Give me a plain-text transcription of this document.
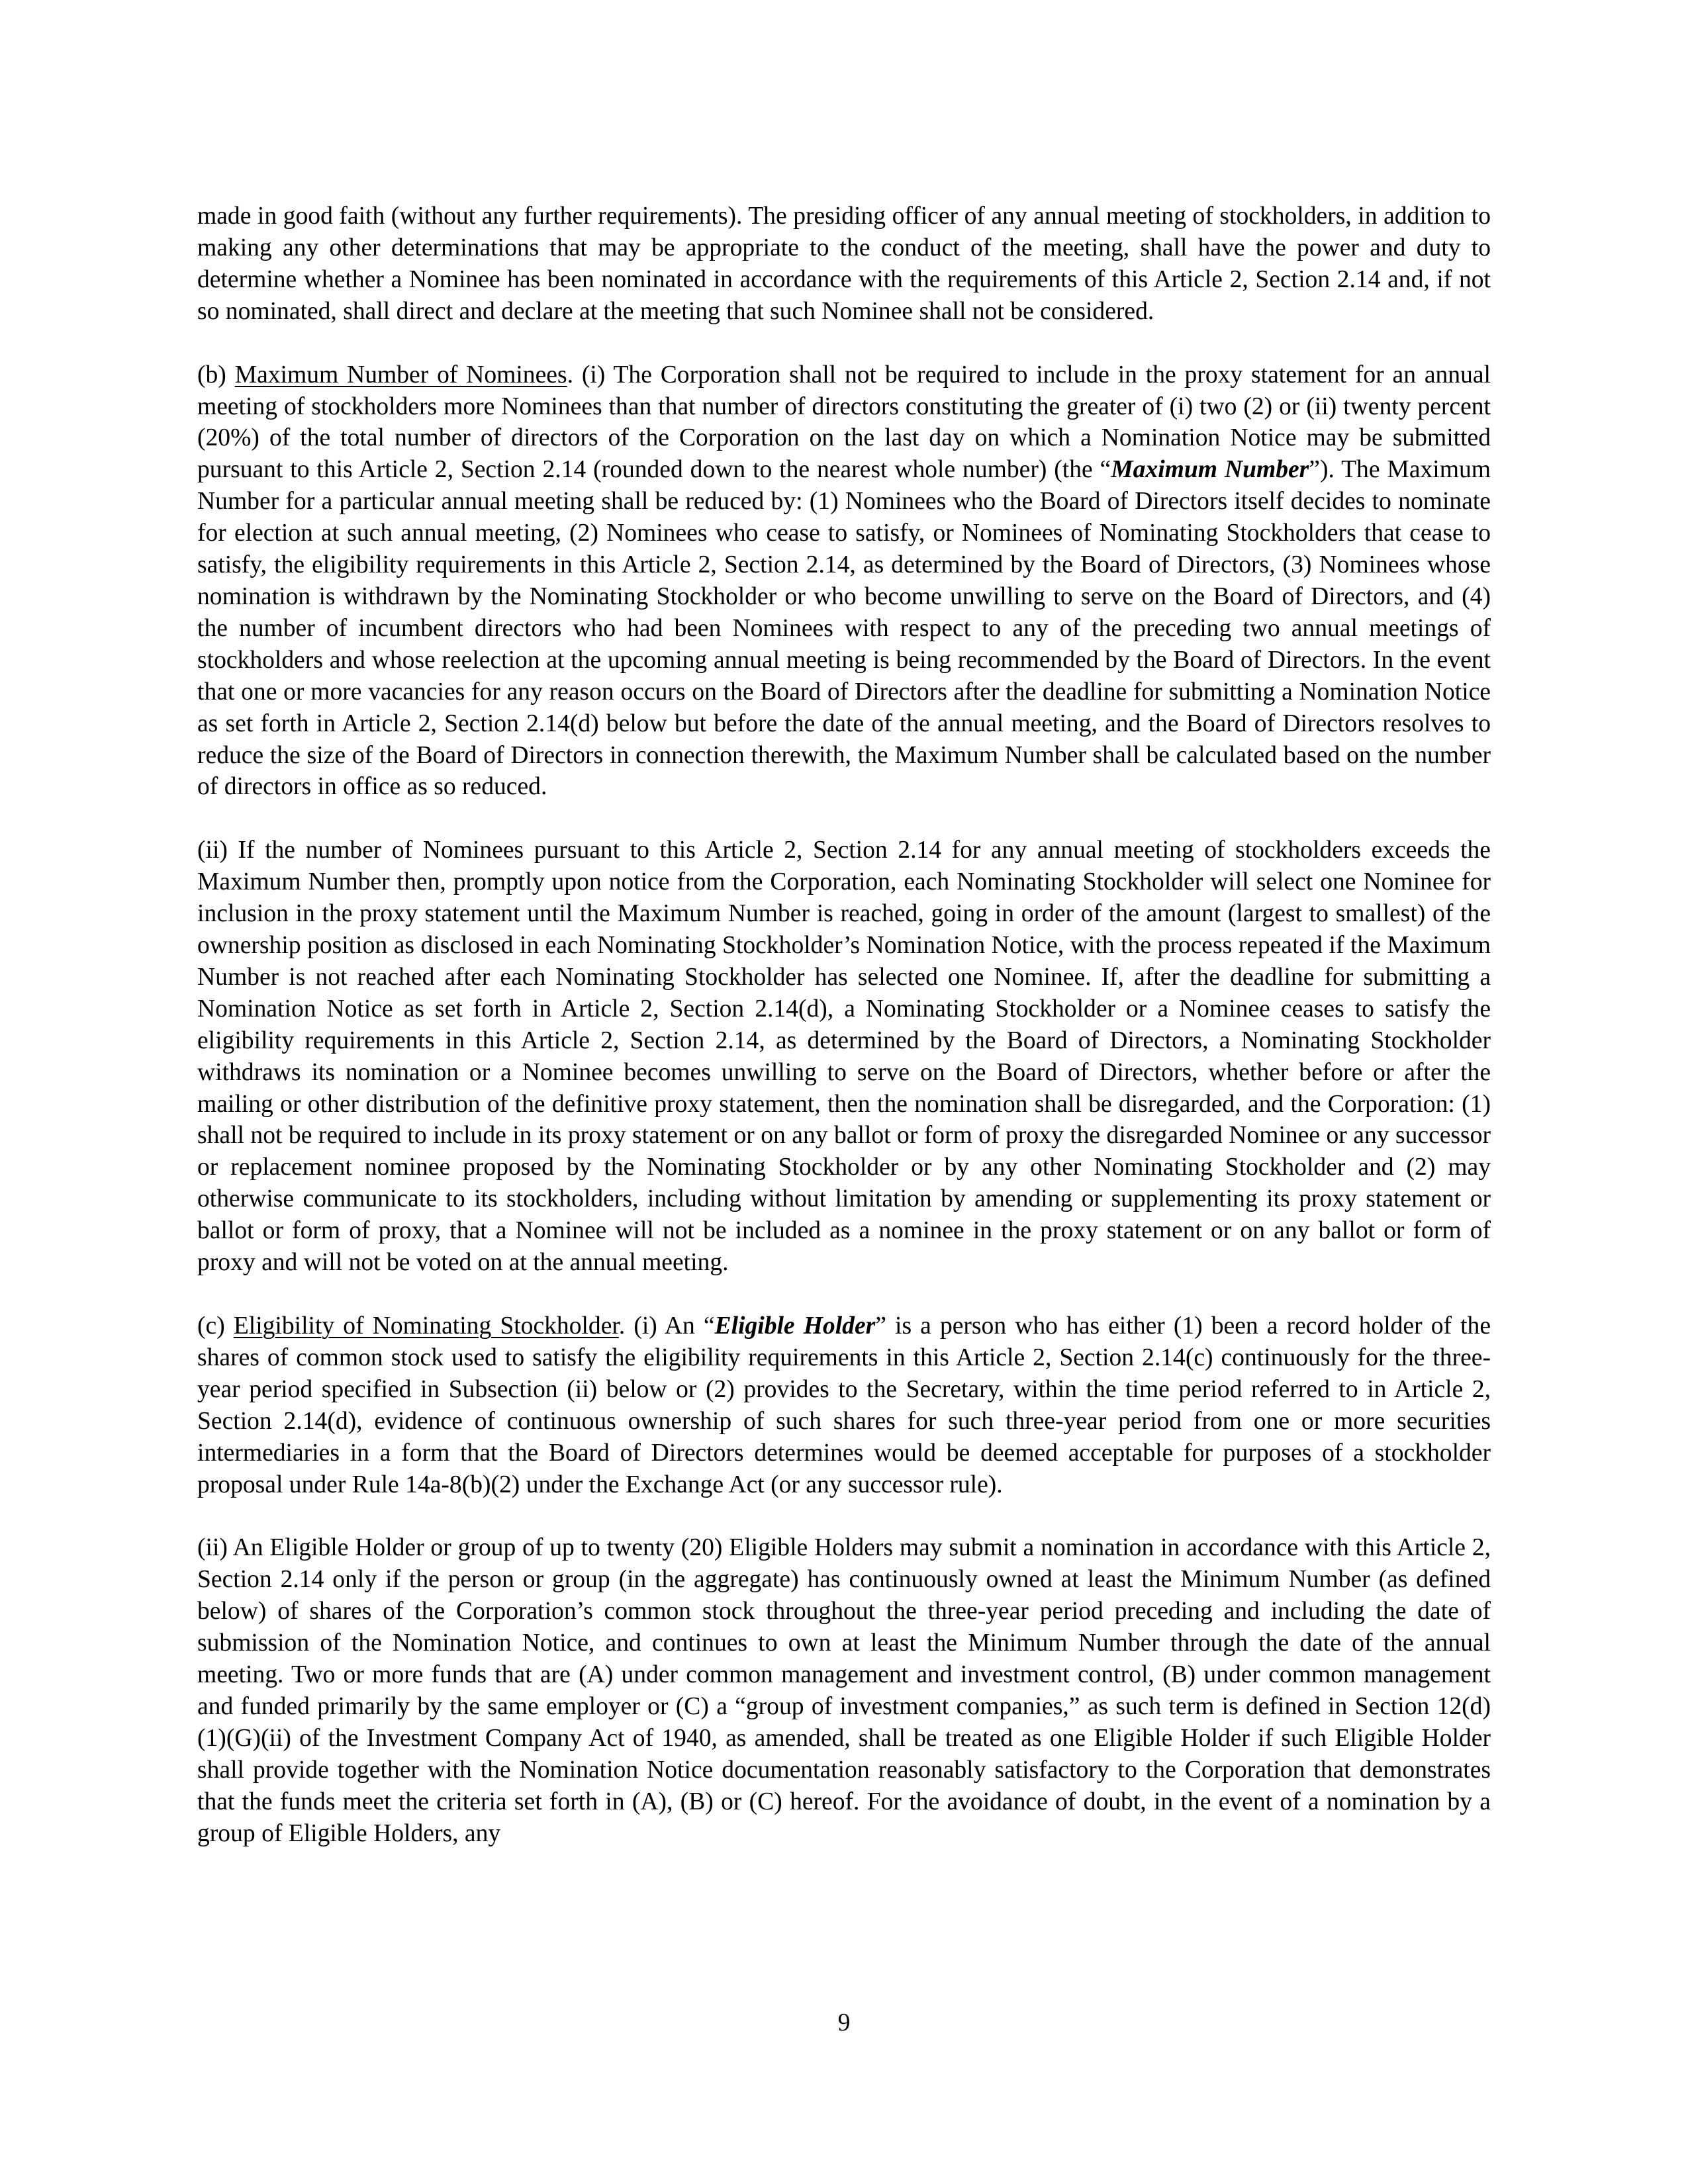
made in good faith (without any further requirements). The presiding officer of any annual meeting of stockholders, in addition to making any other determinations that may be appropriate to the conduct of the meeting, shall have the power and duty to determine whether a Nominee has been nominated in accordance with the requirements of this Article 2, Section 2.14 and, if not so nominated, shall direct and declare at the meeting that such Nominee shall not be considered.

(b) Maximum Number of Nominees. (i) The Corporation shall not be required to include in the proxy statement for an annual meeting of stockholders more Nominees than that number of directors constituting the greater of (i) two (2) or (ii) twenty percent (20%) of the total number of directors of the Corporation on the last day on which a Nomination Notice may be submitted pursuant to this Article 2, Section 2.14 (rounded down to the nearest whole number) (the “Maximum Number”). The Maximum Number for a particular annual meeting shall be reduced by: (1) Nominees who the Board of Directors itself decides to nominate for election at such annual meeting, (2) Nominees who cease to satisfy, or Nominees of Nominating Stockholders that cease to satisfy, the eligibility requirements in this Article 2, Section 2.14, as determined by the Board of Directors, (3) Nominees whose nomination is withdrawn by the Nominating Stockholder or who become unwilling to serve on the Board of Directors, and (4) the number of incumbent directors who had been Nominees with respect to any of the preceding two annual meetings of stockholders and whose reelection at the upcoming annual meeting is being recommended by the Board of Directors. In the event that one or more vacancies for any reason occurs on the Board of Directors after the deadline for submitting a Nomination Notice as set forth in Article 2, Section 2.14(d) below but before the date of the annual meeting, and the Board of Directors resolves to reduce the size of the Board of Directors in connection therewith, the Maximum Number shall be calculated based on the number of directors in office as so reduced.

(ii) If the number of Nominees pursuant to this Article 2, Section 2.14 for any annual meeting of stockholders exceeds the Maximum Number then, promptly upon notice from the Corporation, each Nominating Stockholder will select one Nominee for inclusion in the proxy statement until the Maximum Number is reached, going in order of the amount (largest to smallest) of the ownership position as disclosed in each Nominating Stockholder’s Nomination Notice, with the process repeated if the Maximum Number is not reached after each Nominating Stockholder has selected one Nominee. If, after the deadline for submitting a Nomination Notice as set forth in Article 2, Section 2.14(d), a Nominating Stockholder or a Nominee ceases to satisfy the eligibility requirements in this Article 2, Section 2.14, as determined by the Board of Directors, a Nominating Stockholder withdraws its nomination or a Nominee becomes unwilling to serve on the Board of Directors, whether before or after the mailing or other distribution of the definitive proxy statement, then the nomination shall be disregarded, and the Corporation: (1) shall not be required to include in its proxy statement or on any ballot or form of proxy the disregarded Nominee or any successor or replacement nominee proposed by the Nominating Stockholder or by any other Nominating Stockholder and (2) may otherwise communicate to its stockholders, including without limitation by amending or supplementing its proxy statement or ballot or form of proxy, that a Nominee will not be included as a nominee in the proxy statement or on any ballot or form of proxy and will not be voted on at the annual meeting.

(c) Eligibility of Nominating Stockholder. (i) An “Eligible Holder” is a person who has either (1) been a record holder of the shares of common stock used to satisfy the eligibility requirements in this Article 2, Section 2.14(c) continuously for the three-year period specified in Subsection (ii) below or (2) provides to the Secretary, within the time period referred to in Article 2, Section 2.14(d), evidence of continuous ownership of such shares for such three-year period from one or more securities intermediaries in a form that the Board of Directors determines would be deemed acceptable for purposes of a stockholder proposal under Rule 14a-8(b)(2) under the Exchange Act (or any successor rule).

(ii) An Eligible Holder or group of up to twenty (20) Eligible Holders may submit a nomination in accordance with this Article 2, Section 2.14 only if the person or group (in the aggregate) has continuously owned at least the Minimum Number (as defined below) of shares of the Corporation’s common stock throughout the three-year period preceding and including the date of submission of the Nomination Notice, and continues to own at least the Minimum Number through the date of the annual meeting. Two or more funds that are (A) under common management and investment control, (B) under common management and funded primarily by the same employer or (C) a “group of investment companies,” as such term is defined in Section 12(d)(1)(G)(ii) of the Investment Company Act of 1940, as amended, shall be treated as one Eligible Holder if such Eligible Holder shall provide together with the Nomination Notice documentation reasonably satisfactory to the Corporation that demonstrates that the funds meet the criteria set forth in (A), (B) or (C) hereof. For the avoidance of doubt, in the event of a nomination by a group of Eligible Holders, any

9
